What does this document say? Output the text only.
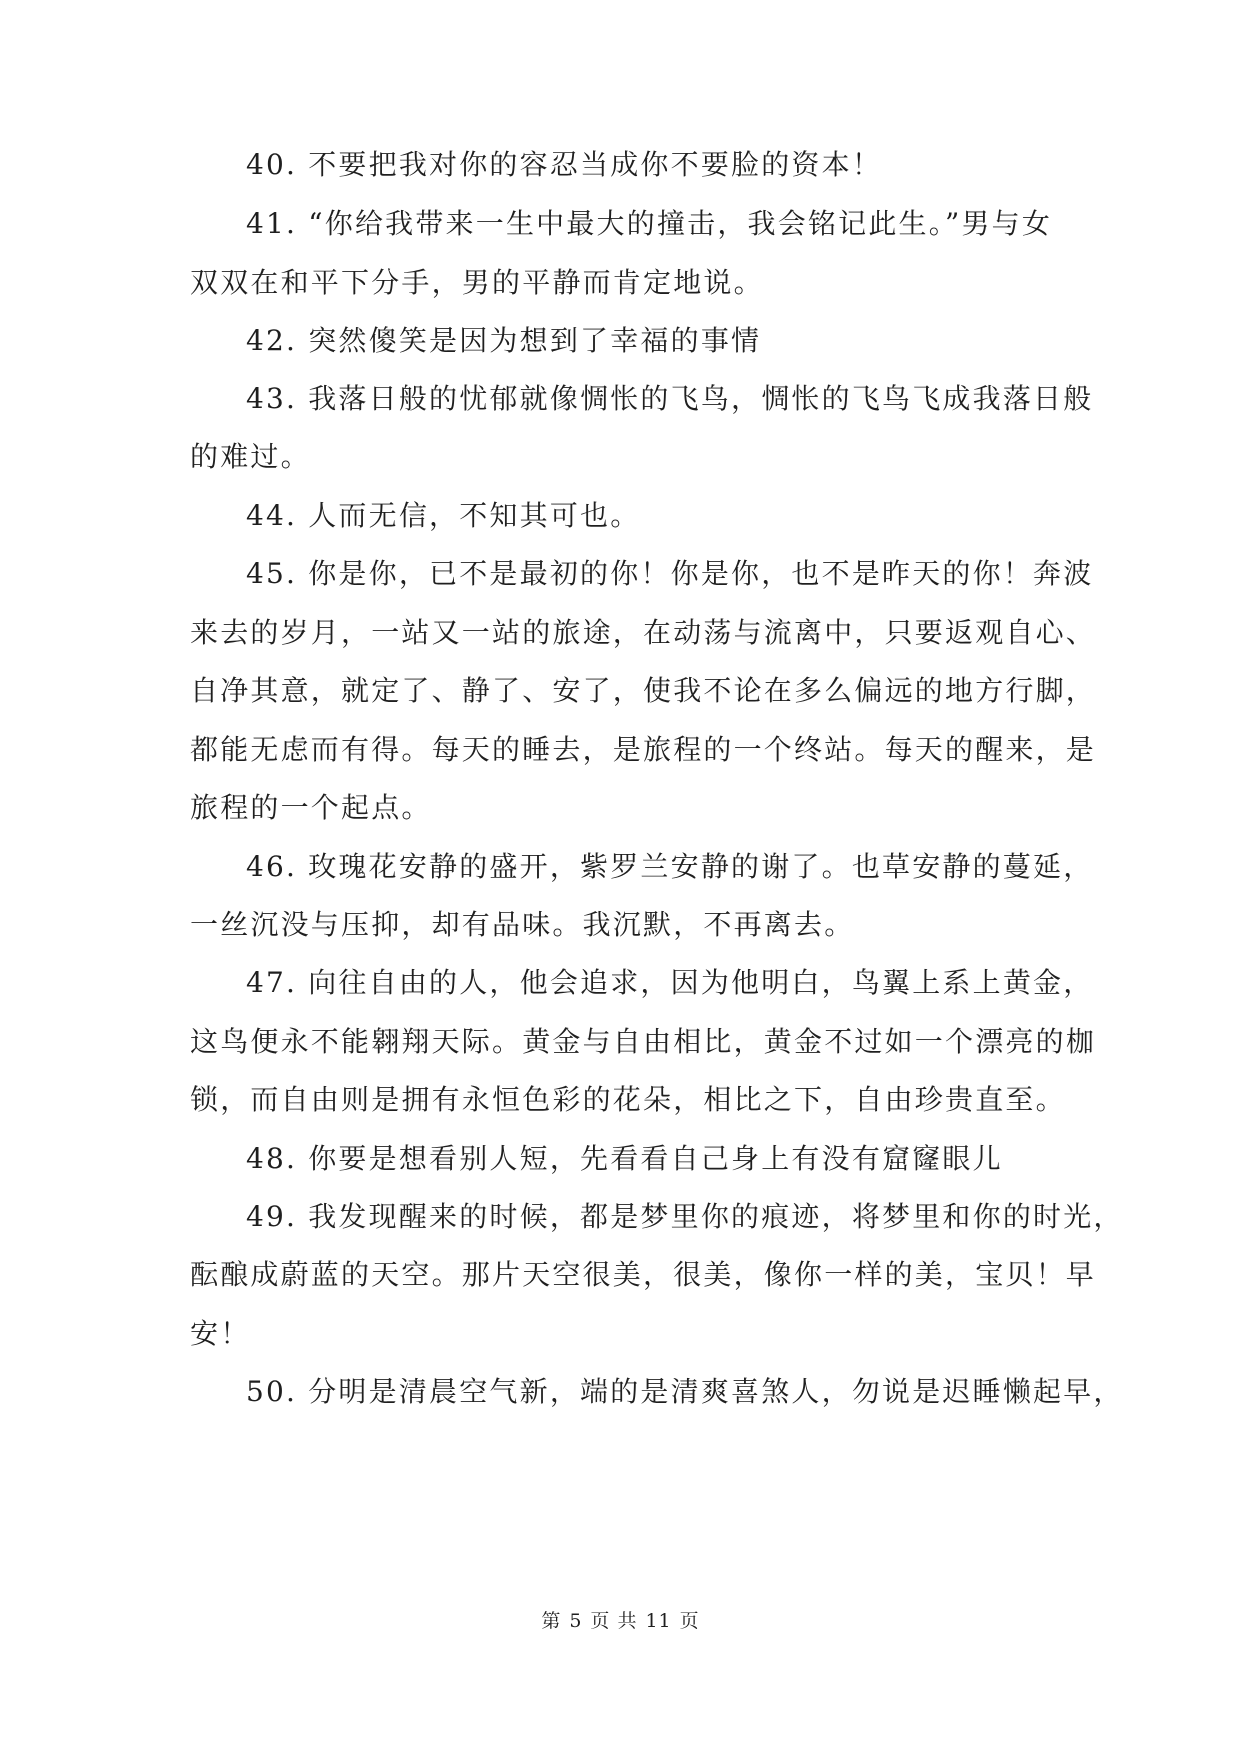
40. 不要把我对你的容忍当成你不要脸的资本！
41. “你给我带来一生中最大的撞击，我会铭记此生。”男与女
双双在和平下分手，男的平静而肯定地说。
42. 突然傻笑是因为想到了幸福的事情
43. 我落日般的忧郁就像惆怅的飞鸟，惆怅的飞鸟飞成我落日般
的难过。
44. 人而无信，不知其可也。
45. 你是你，已不是最初的你！你是你，也不是昨天的你！奔波
来去的岁月，一站又一站的旅途，在动荡与流离中，只要返观自心、
自净其意，就定了、静了、安了，使我不论在多么偏远的地方行脚，
都能无虑而有得。每天的睡去，是旅程的一个终站。每天的醒来，是
旅程的一个起点。
46. 玫瑰花安静的盛开，紫罗兰安静的谢了。也草安静的蔓延，
一丝沉没与压抑，却有品味。我沉默，不再离去。
47. 向往自由的人，他会追求，因为他明白，鸟翼上系上黄金，
这鸟便永不能翱翔天际。黄金与自由相比，黄金不过如一个漂亮的枷
锁，而自由则是拥有永恒色彩的花朵，相比之下，自由珍贵直至。
48. 你要是想看别人短，先看看自己身上有没有窟窿眼儿
49. 我发现醒来的时候，都是梦里你的痕迹，将梦里和你的时光，
酝酿成蔚蓝的天空。那片天空很美，很美，像你一样的美，宝贝！早
安！
50. 分明是清晨空气新，端的是清爽喜煞人，勿说是迟睡懒起早，
第 5 页 共 11 页
